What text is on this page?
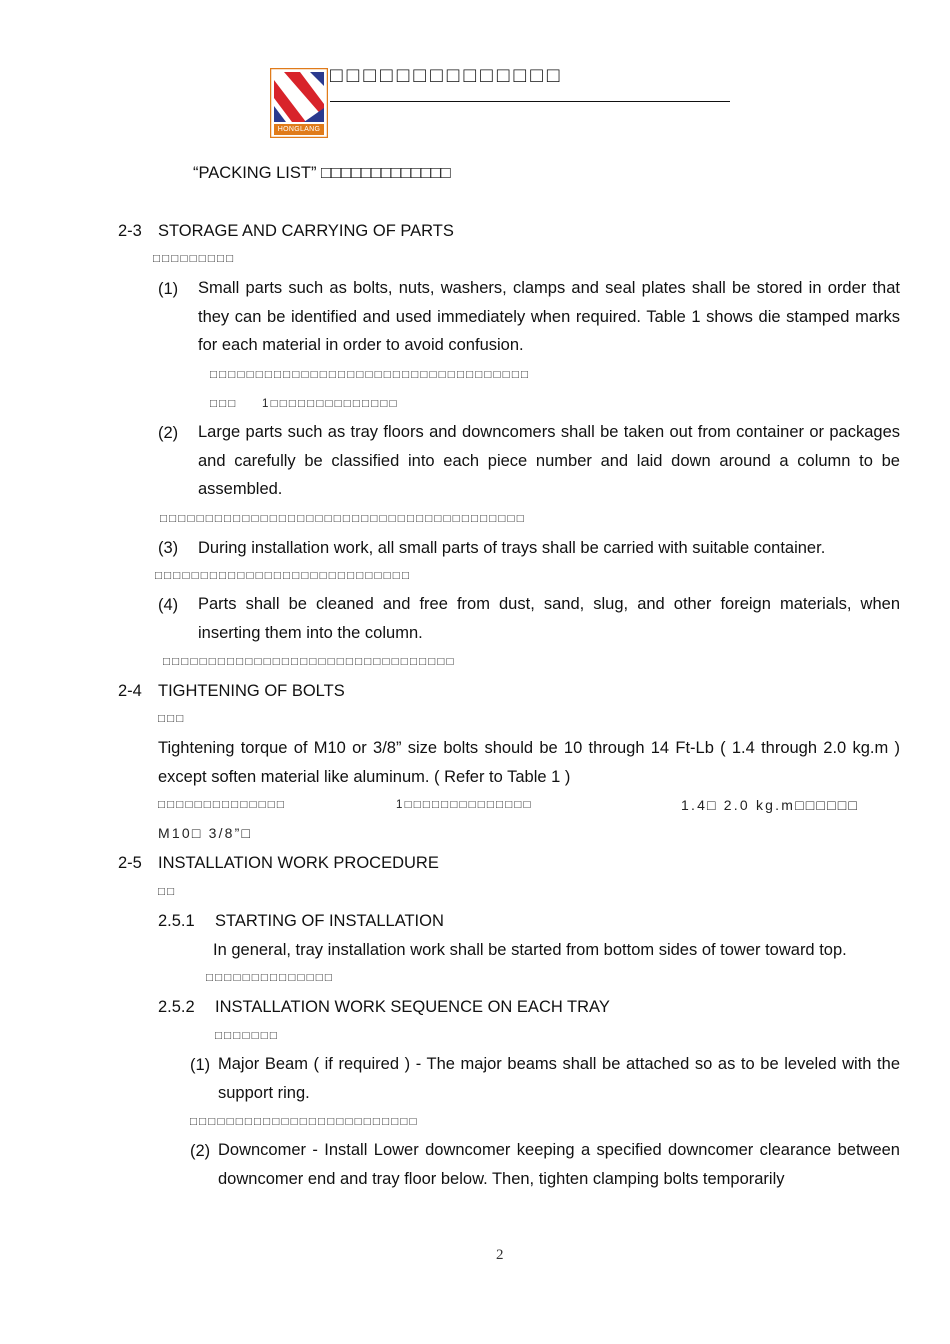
HONGLANG
□□□□□□□□□□□□□□
“PACKING LIST” □□□□□□□□□□□□□
2-3 STORAGE AND CARRYING OF PARTS
□□□□□□□□□
(1) Small parts such as bolts, nuts, washers, clamps and seal plates shall be stored in order that they can be identified and used immediately when required. Table 1 shows die stamped marks for each material in order to avoid confusion.
□□□□□□□□□□□□□□□□□□□□□□□□□□□□□□□□□□□
□□□ 1□□□□□□□□□□□□□□
(2) Large parts such as tray floors and downcomers shall be taken out from container or packages and carefully be classified into each piece number and laid down around a column to be assembled.
□□□□□□□□□□□□□□□□□□□□□□□□□□□□□□□□□□□□□□□□
(3) During installation work, all small parts of trays shall be carried with suitable container.
□□□□□□□□□□□□□□□□□□□□□□□□□□□□
(4) Parts shall be cleaned and free from dust, sand, slug, and other foreign materials, when inserting them into the column.
□□□□□□□□□□□□□□□□□□□□□□□□□□□□□□□□
2-4 TIGHTENING OF BOLTS
□□□
Tightening torque of M10 or 3/8” size bolts should be 10 through 14 Ft-Lb ( 1.4 through 2.0 kg.m ) except soften material like aluminum. ( Refer to Table 1 )
□□□□□□□□□□□□□□	1□□□□□□□□□□□□□□	1.4□ 2.0 kg.m□□□□□□
M10□ 3/8”□
2-5 INSTALLATION WORK PROCEDURE
□□
2.5.1 STARTING OF INSTALLATION
In general, tray installation work shall be started from bottom sides of tower toward top.
□□□□□□□□□□□□□□
2.5.2 INSTALLATION WORK SEQUENCE ON EACH TRAY
□□□□□□□
(1) Major Beam ( if required ) - The major beams shall be attached so as to be leveled with the support ring.
□□□□□□□□□□□□□□□□□□□□□□□□□
(2) Downcomer - Install Lower downcomer keeping a specified downcomer clearance between downcomer end and tray floor below. Then, tighten clamping bolts temporarily
2
